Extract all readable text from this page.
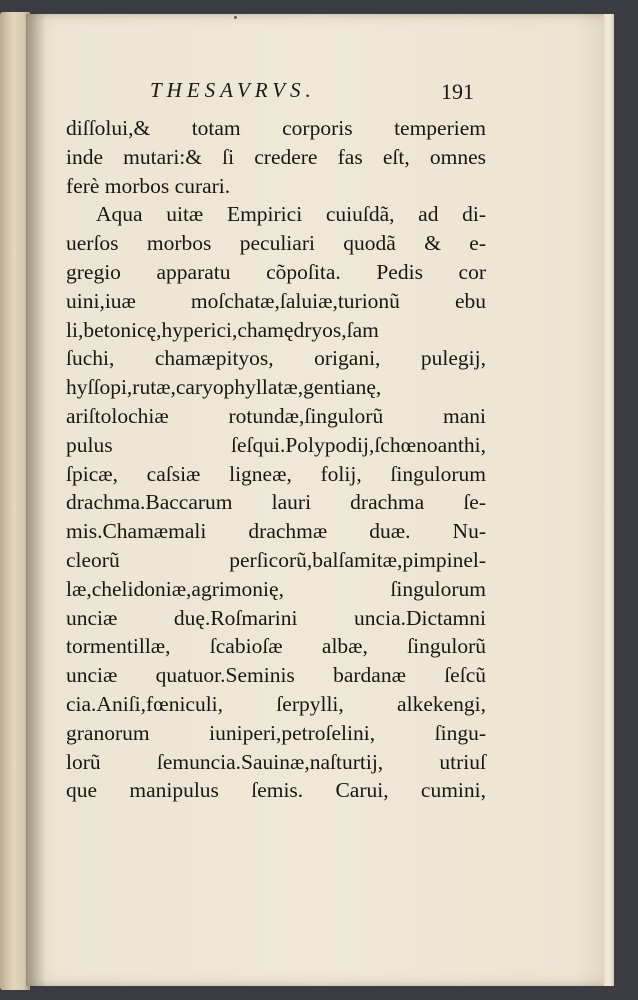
THESAVRVS.	191
diſſolui,& totam corporis temperiem
inde mutari:& ſi credere fas eſt, omnes
ferè morbos curari.
Aqua uitæ Empirici cuiuſdã, ad di-
uerſos morbos peculiari quodã & e-
gregio apparatu cõpoſita. Pedis cor
uini,iuæ moſchatæ,ſaluiæ,turionũ ebu
li,betonicę,hyperici,chamędryos,ſam
ſuchi, chamæpityos, origani, pulegij,
hyſſopi,rutæ,caryophyllatæ,gentianę,
ariſtolochiæ rotundæ,ſingulorũ mani
pulus ſeſqui.Polypodij,ſchœnoanthi,
ſpicæ, caſsiæ ligneæ, folij, ſingulorum
drachma.Baccarum lauri drachma ſe-
mis.Chamæmali drachmæ duæ. Nu-
cleorũ perſicorũ,balſamitæ,pimpinel-
læ,chelidoniæ,agrimonię, ſingulorum
unciæ duę.Roſmarini uncia.Dictamni
tormentillæ, ſcabioſæ albæ, ſingulorũ
unciæ quatuor.Seminis bardanæ ſeſcũ
cia.Aniſi,fœniculi, ſerpylli, alkekengi,
granorum iuniperi,petroſelini, ſingu-
lorũ ſemuncia.Sauinæ,naſturtij, utriuſ
que manipulus ſemis. Carui, cumini,
